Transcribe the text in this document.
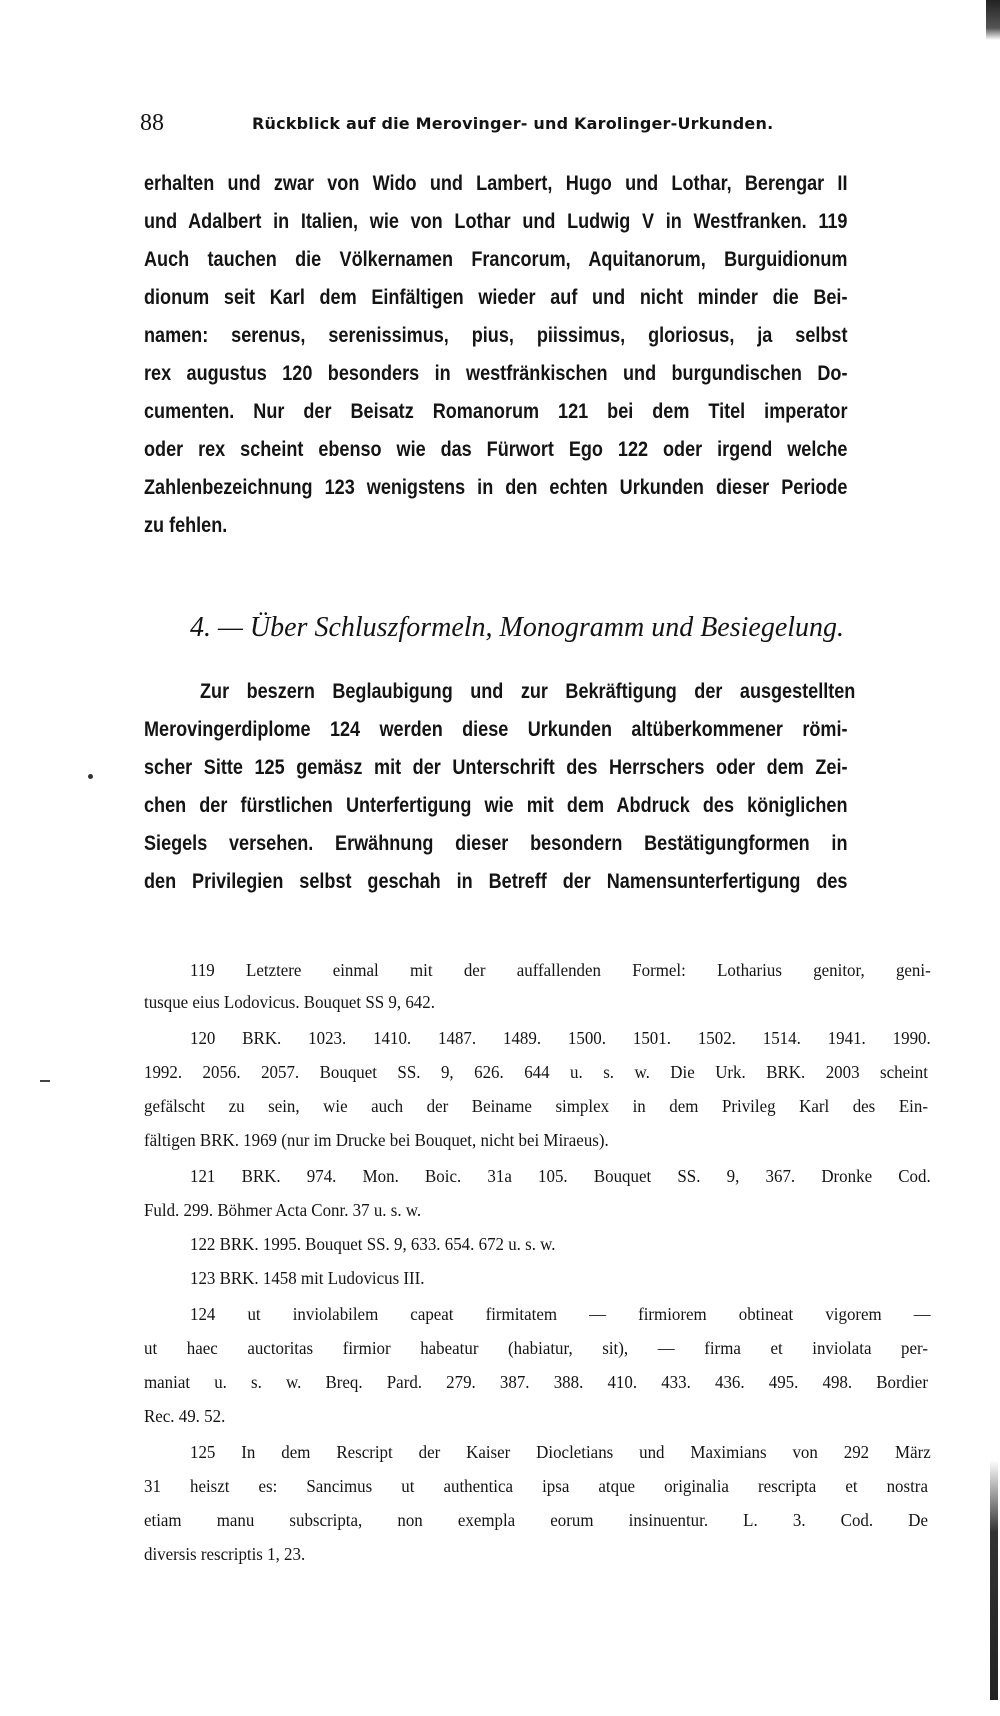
88	Rückblick auf die Merovinger- und Karolinger-Urkunden.
erhalten und zwar von Wido und Lambert, Hugo und Lothar, Berengar II
und Adalbert in Italien, wie von Lothar und Ludwig V in Westfranken. 119
Auch tauchen die Völkernamen Francorum, Aquitanorum, Burguidionum
dionum seit Karl dem Einfältigen wieder auf und nicht minder die Bei-
namen: serenus, serenissimus, pius, piissimus, gloriosus, ja selbst
rex augustus 120 besonders in westfränkischen und burgundischen Do-
cumenten. Nur der Beisatz Romanorum 121 bei dem Titel imperator
oder rex scheint ebenso wie das Fürwort Ego 122 oder irgend welche
Zahlenbezeichnung 123 wenigstens in den echten Urkunden dieser Periode
zu fehlen.
4. — Über Schluszformeln, Monogramm und Besiegelung.
Zur beszern Beglaubigung und zur Bekräftigung der ausgestellten
Merovingerdiplome 124 werden diese Urkunden altüberkommener römi-
scher Sitte 125 gemäsz mit der Unterschrift des Herrschers oder dem Zei-
chen der fürstlichen Unterfertigung wie mit dem Abdruck des königlichen
Siegels versehen. Erwähnung dieser besondern Bestätigungformen in
den Privilegien selbst geschah in Betreff der Namensunterfertigung des
119 Letztere einmal mit der auffallenden Formel: Lotharius genitor, geni-
tusque eius Lodovicus. Bouquet SS 9, 642.
120 BRK. 1023. 1410. 1487. 1489. 1500. 1501. 1502. 1514. 1941. 1990.
1992. 2056. 2057. Bouquet SS. 9, 626. 644 u. s. w. Die Urk. BRK. 2003 scheint
gefälscht zu sein, wie auch der Beiname simplex in dem Privileg Karl des Ein-
fältigen BRK. 1969 (nur im Drucke bei Bouquet, nicht bei Miraeus).
121 BRK. 974. Mon. Boic. 31a 105. Bouquet SS. 9, 367. Dronke Cod.
Fuld. 299. Böhmer Acta Conr. 37 u. s. w.
122 BRK. 1995. Bouquet SS. 9, 633. 654. 672 u. s. w.
123 BRK. 1458 mit Ludovicus III.
124 ut inviolabilem capeat firmitatem — firmiorem obtineat vigorem —
ut haec auctoritas firmior habeatur (habiatur, sit), — firma et inviolata per-
maniat u. s. w. Breq. Pard. 279. 387. 388. 410. 433. 436. 495. 498. Bordier
Rec. 49. 52.
125 In dem Rescript der Kaiser Diocletians und Maximians von 292 März
31 heiszt es: Sancimus ut authentica ipsa atque originalia rescripta et nostra
etiam manu subscripta, non exempla eorum insinuentur. L. 3. Cod. De
diversis rescriptis 1, 23.
